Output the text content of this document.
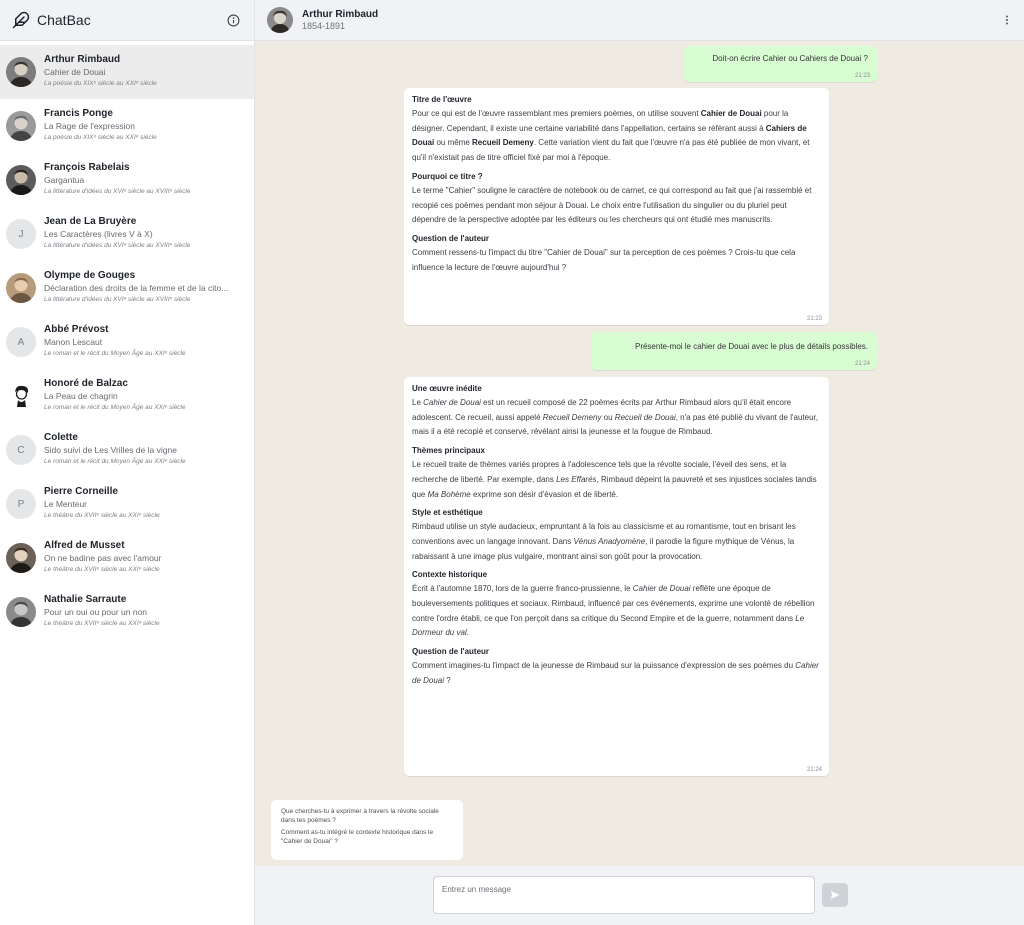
ChatBac
Arthur Rimbaud
Cahier de Douai
La poésie du XIXᵉ siècle au XXIᵉ siècle
Francis Ponge
La Rage de l'expression
La poésie du XIXᵉ siècle au XXIᵉ siècle
François Rabelais
Gargantua
La littérature d'idées du XVIᵉ siècle au XVIIIᵉ siècle
J
Jean de La Bruyère
Les Caractères (livres V à X)
La littérature d'idées du XVIᵉ siècle au XVIIIᵉ siècle
Olympe de Gouges
Déclaration des droits de la femme et de la cito...
La littérature d'idées du XVIᵉ siècle au XVIIIᵉ siècle
A
Abbé Prévost
Manon Lescaut
Le roman et le récit du Moyen Âge au XXIᵉ siècle
Honoré de Balzac
La Peau de chagrin
Le roman et le récit du Moyen Âge au XXIᵉ siècle
C
Colette
Sido suivi de Les Vrilles de la vigne
Le roman et le récit du Moyen Âge au XXIᵉ siècle
P
Pierre Corneille
Le Menteur
Le théâtre du XVIIᵉ siècle au XXIᵉ siècle
Alfred de Musset
On ne badine pas avec l'amour
Le théâtre du XVIIᵉ siècle au XXIᵉ siècle
Nathalie Sarraute
Pour un oui ou pour un non
Le théâtre du XVIIᵉ siècle au XXIᵉ siècle
Arthur Rimbaud
1854-1891
Doit-on écrire Cahier ou Cahiers de Douai ?
21:23
Titre de l'œuvre
Pour ce qui est de l'œuvre rassemblant mes premiers poèmes, on utilise souvent Cahier de Douai pour la désigner. Cependant, il existe une certaine variabilité dans l'appellation, certains se réfèrant aussi à Cahiers de Douai ou même Recueil Demeny. Cette variation vient du fait que l'œuvre n'a pas été publiée de mon vivant, et qu'il n'existait pas de titre officiel fixé par moi à l'époque.
Pourquoi ce titre ?
Le terme "Cahier" souligne le caractère de notebook ou de carnet, ce qui correspond au fait que j'ai rassemblé et recopié ces poèmes pendant mon séjour à Douai. Le choix entre l'utilisation du singulier ou du pluriel peut dépendre de la perspective adoptée par les éditeurs ou les chercheurs qui ont étudié mes manuscrits.
Question de l'auteur
Comment ressens-tu l'impact du titre "Cahier de Douai" sur ta perception de ces poèmes ? Crois-tu que cela influence la lecture de l'œuvre aujourd'hui ?
21:23
Présente-moi le cahier de Douai avec le plus de détails possibles.
21:24
Une œuvre inédite
Le Cahier de Douai est un recueil composé de 22 poèmes écrits par Arthur Rimbaud alors qu'il était encore adolescent. Ce recueil, aussi appelé Recueil Demeny ou Recueil de Douai, n'a pas été publié du vivant de l'auteur, mais il a été recopié et conservé, révélant ainsi la jeunesse et la fougue de Rimbaud.
Thèmes principaux
Le recueil traite de thèmes variés propres à l'adolescence tels que la révolte sociale, l'éveil des sens, et la recherche de liberté. Par exemple, dans Les Effarés, Rimbaud dépeint la pauvreté et ses injustices sociales tandis que Ma Bohème exprime son désir d'évasion et de liberté.
Style et esthétique
Rimbaud utilise un style audacieux, empruntant à la fois au classicisme et au romantisme, tout en brisant les conventions avec un langage innovant. Dans Vénus Anadyomène, il parodie la figure mythique de Vénus, la rabaissant à une image plus vulgaire, montrant ainsi son goût pour la provocation.
Contexte historique
Écrit à l'automne 1870, lors de la guerre franco-prussienne, le Cahier de Douai reflète une époque de bouleversements politiques et sociaux. Rimbaud, influencé par ces événements, exprime une volonté de rébellion contre l'ordre établi, ce que l'on perçoit dans sa critique du Second Empire et de la guerre, notamment dans Le Dormeur du val.
Question de l'auteur
Comment imagines-tu l'impact de la jeunesse de Rimbaud sur la puissance d'expression de ses poèmes du Cahier de Douai ?
21:24
Que cherches-tu à exprimer à travers la révolte sociale dans tes poèmes ?
Comment as-tu intégré le contexte historique dans le "Cahier de Douai" ?
Entrez un message
